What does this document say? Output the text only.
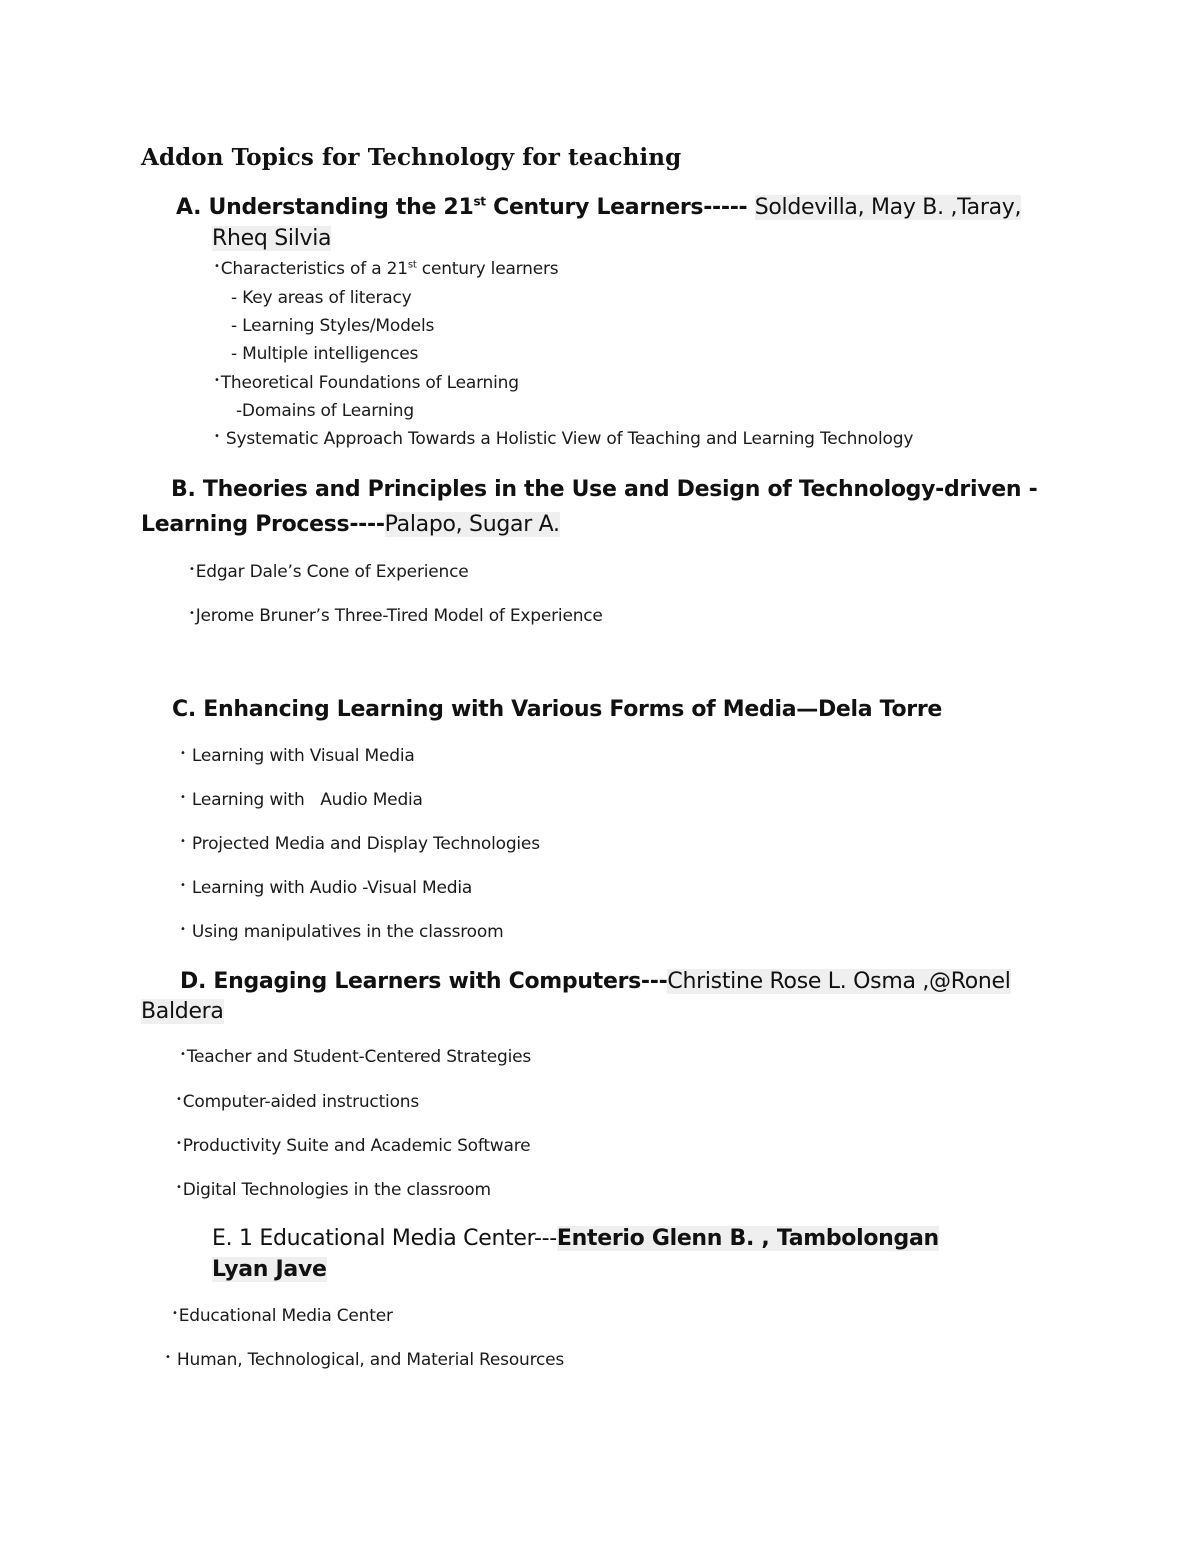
Addon Topics for Technology for teaching
A. Understanding the 21st Century Learners----- Soldevilla, May B. ,Taray,
Rheq Silvia
•Characteristics of a 21st century learners
- Key areas of literacy
- Learning Styles/Models
- Multiple intelligences
•Theoretical Foundations of Learning
-Domains of Learning
• Systematic Approach Towards a Holistic View of Teaching and Learning Technology
B. Theories and Principles in the Use and Design of Technology-driven -
Learning Process----Palapo, Sugar A.
•Edgar Dale’s Cone of Experience
•Jerome Bruner’s Three-Tired Model of Experience
C. Enhancing Learning with Various Forms of Media—Dela Torre
• Learning with Visual Media
• Learning with   Audio Media
• Projected Media and Display Technologies
• Learning with Audio -Visual Media
• Using manipulatives in the classroom
D. Engaging Learners with Computers---Christine Rose L. Osma ,@Ronel
Baldera
•Teacher and Student-Centered Strategies
•Computer-aided instructions
•Productivity Suite and Academic Software
•Digital Technologies in the classroom
E. 1 Educational Media Center---Enterio Glenn B. , Tambolongan
Lyan Jave
•Educational Media Center
• Human, Technological, and Material Resources
